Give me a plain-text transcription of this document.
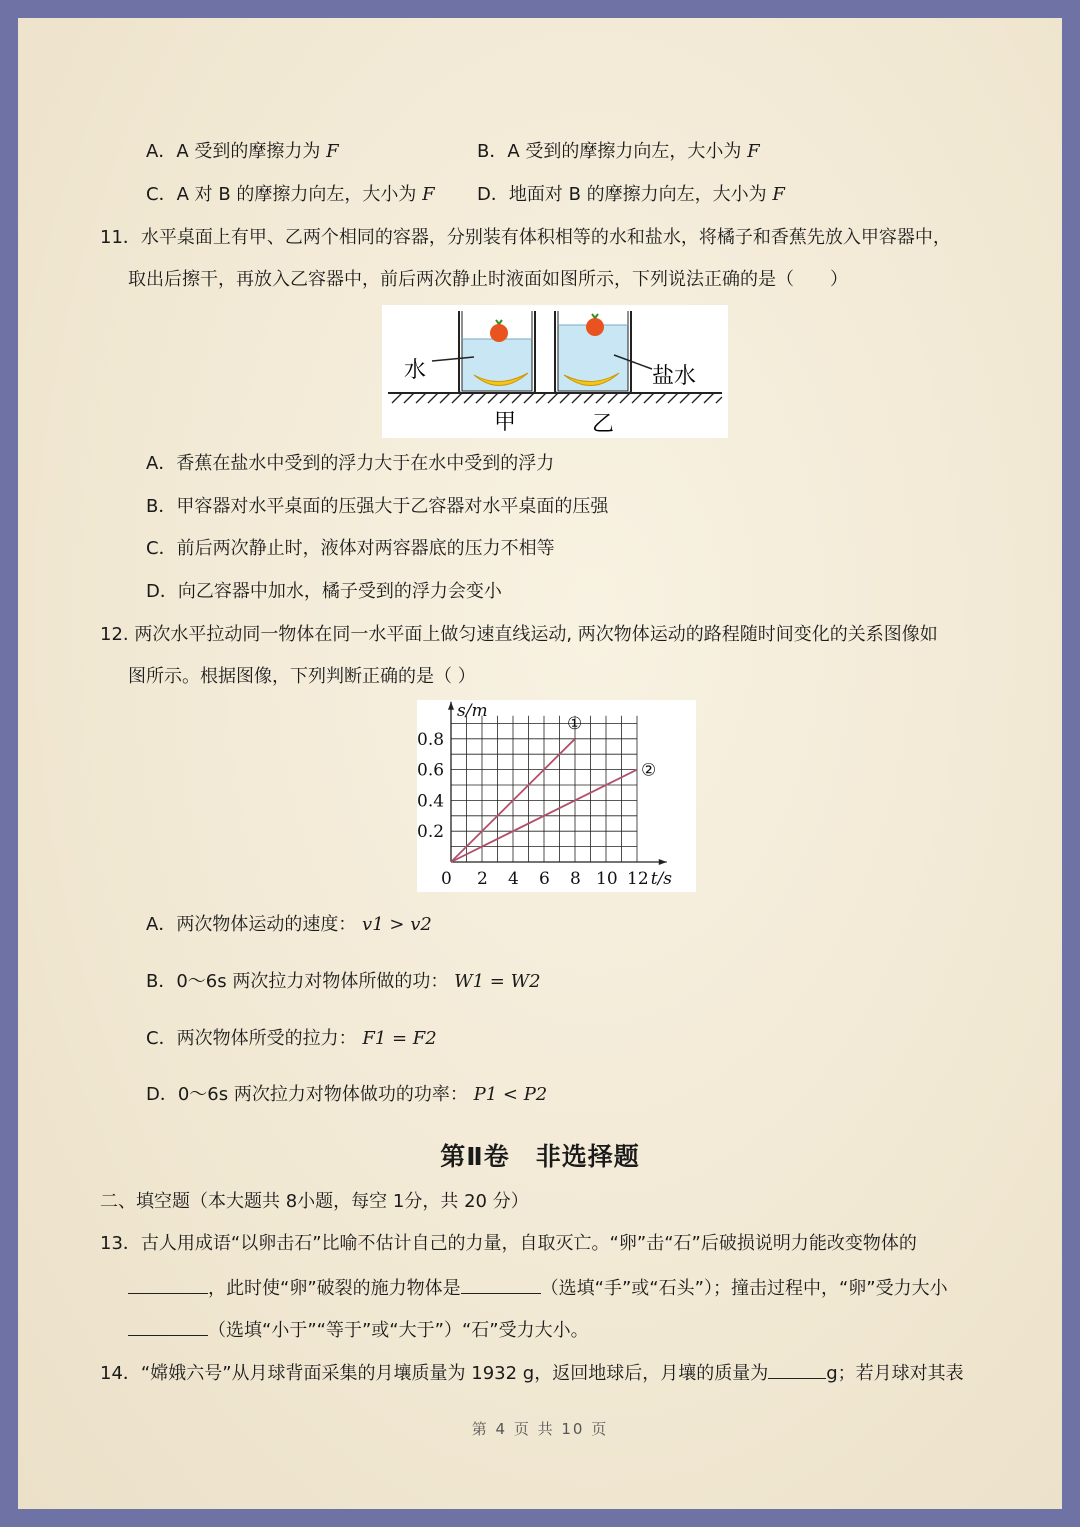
A．A 受到的摩擦力为 F	B．A 受到的摩擦力向左，大小为 F
C．A 对 B 的摩擦力向左，大小为 F D．地面对 B 的摩擦力向左，大小为 F
11．水平桌面上有甲、乙两个相同的容器，分别装有体积相等的水和盐水，将橘子和香蕉先放入甲容器中，
取出后擦干，再放入乙容器中，前后两次静止时液面如图所示，下列说法正确的是（　　）
水	盐水
甲	乙
A．香蕉在盐水中受到的浮力大于在水中受到的浮力
B．甲容器对水平桌面的压强大于乙容器对水平桌面的压强
C．前后两次静止时，液体对两容器底的压力不相等
D．向乙容器中加水，橘子受到的浮力会变小
12. 两次水平拉动同一物体在同一水平面上做匀速直线运动, 两次物体运动的路程随时间变化的关系图像如
图所示。根据图像，下列判断正确的是（ ）
①
②
0 2 4 6 8 10 12
0.2
0.4
0.6
0.8
t/s
s/m
A．两次物体运动的速度： v1 > v2
B．0～6s 两次拉力对物体所做的功： W1 = W2
C．两次物体所受的拉力： F1 = F2
D．0～6s 两次拉力对物体做功的功率： P1 < P2
第Ⅱ卷　非选择题
二、填空题（本大题共 8小题，每空 1分，共 20 分）
13．古人用成语“以卵击石”比喻不估计自己的力量，自取灭亡。“卵”击“石”后破损说明力能改变物体的
，此时使“卵”破裂的施力物体是	（选填“手”或“石头”）；撞击过程中，“卵”受力大小
（选填“小于”“等于”或“大于”）“石”受力大小。
14．“嫦娥六号”从月球背面采集的月壤质量为 1932 g，返回地球后，月壤的质量为	g；若月球对其表
第 4 页 共 10 页
